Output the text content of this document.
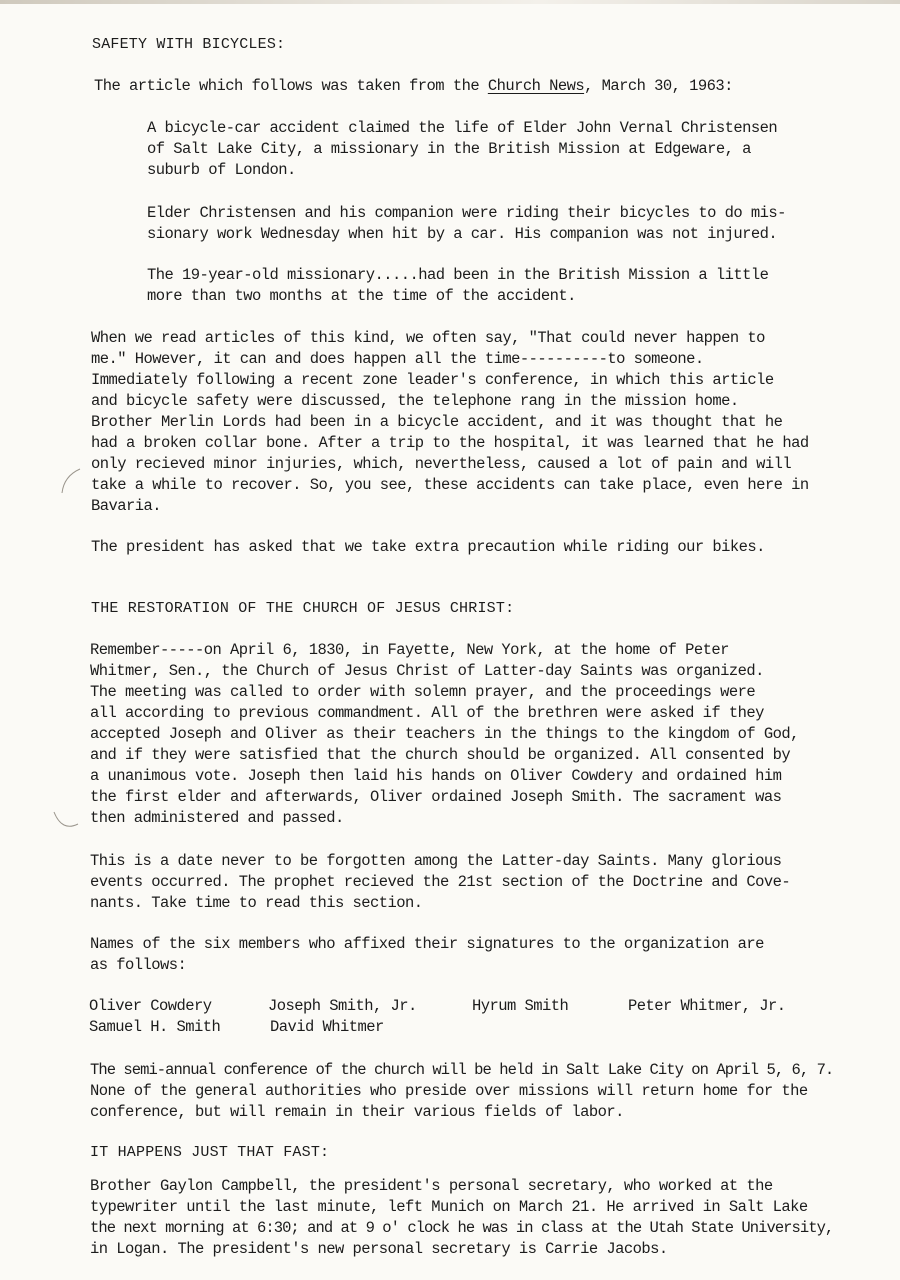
SAFETY WITH BICYCLES:
The article which follows was taken from the Church News, March 30, 1963:
A bicycle-car accident claimed the life of Elder John Vernal Christensen
of Salt Lake City, a missionary in the British Mission at Edgeware, a
suburb of London.
Elder Christensen and his companion were riding their bicycles to do mis-
sionary work Wednesday when hit by a car. His companion was not injured.
The 19-year-old missionary.....had been in the British Mission a little
more than two months at the time of the accident.
When we read articles of this kind, we often say, "That could never happen to
me." However, it can and does happen all the time----------to someone.
Immediately following a recent zone leader's conference, in which this article
and bicycle safety were discussed, the telephone rang in the mission home.
Brother Merlin Lords had been in a bicycle accident, and it was thought that he
had a broken collar bone. After a trip to the hospital, it was learned that he had
only recieved minor injuries, which, nevertheless, caused a lot of pain and will
take a while to recover. So, you see, these accidents can take place, even here in
Bavaria.
The president has asked that we take extra precaution while riding our bikes.
THE RESTORATION OF THE CHURCH OF JESUS CHRIST:
Remember-----on April 6, 1830, in Fayette, New York, at the home of Peter
Whitmer, Sen., the Church of Jesus Christ of Latter-day Saints was organized.
The meeting was called to order with solemn prayer, and the proceedings were
all according to previous commandment. All of the brethren were asked if they
accepted Joseph and Oliver as their teachers in the things to the kingdom of God,
and if they were satisfied that the church should be organized. All consented by
a unanimous vote. Joseph then laid his hands on Oliver Cowdery and ordained him
the first elder and afterwards, Oliver ordained Joseph Smith. The sacrament was
then administered and passed.
This is a date never to be forgotten among the Latter-day Saints. Many glorious
events occurred. The prophet recieved the 21st section of the Doctrine and Cove-
nants. Take time to read this section.
Names of the six members who affixed their signatures to the organization are
as follows:
Oliver Cowdery	Joseph Smith, Jr.	Hyrum Smith	Peter Whitmer, Jr.
Samuel H. Smith	David Whitmer
The semi-annual conference of the church will be held in Salt Lake City on April 5, 6, 7.
None of the general authorities who preside over missions will return home for the
conference, but will remain in their various fields of labor.
IT HAPPENS JUST THAT FAST:
Brother Gaylon Campbell, the president's personal secretary, who worked at the
typewriter until the last minute, left Munich on March 21. He arrived in Salt Lake
the next morning at 6:30; and at 9 o' clock he was in class at the Utah State University,
in Logan. The president's new personal secretary is Carrie Jacobs.
